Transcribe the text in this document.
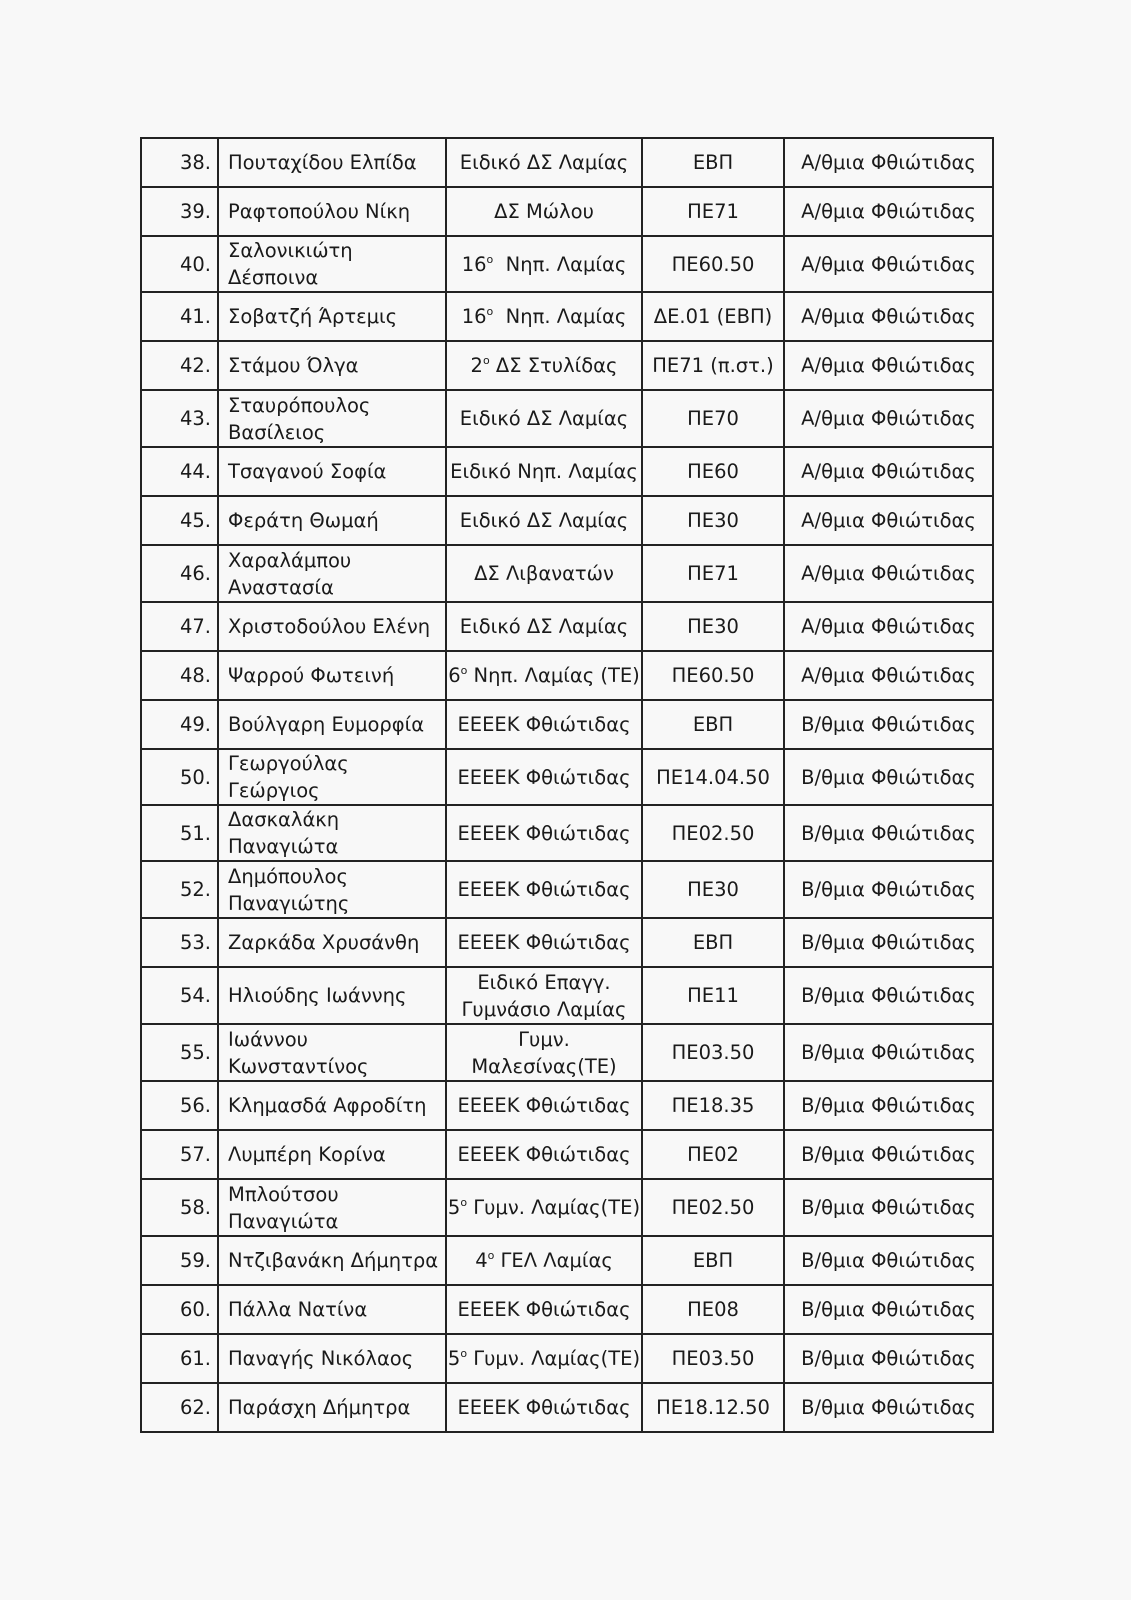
38.	Πουταχίδου Ελπίδα	Ειδικό ΔΣ Λαμίας	ΕΒΠ	Α/θμια Φθιώτιδας
39.	Ραφτοπούλου Νίκη	ΔΣ Μώλου	ΠΕ71	Α/θμια Φθιώτιδας
40.	Σαλονικιώτη Δέσποινα	$16^o$  Νηπ. Λαμίας	ΠΕ60.50	Α/θμια Φθιώτιδας
41.	Σοβατζή Άρτεμις	$16^o$  Νηπ. Λαμίας	ΔΕ.01 (ΕΒΠ)	Α/θμια Φθιώτιδας
42.	Στάμου Όλγα	$2^o$ ΔΣ Στυλίδας	ΠΕ71 (π.στ.)	Α/θμια Φθιώτιδας
43.	Σταυρόπουλος Βασίλειος	Ειδικό ΔΣ Λαμίας	ΠΕ70	Α/θμια Φθιώτιδας
44.	Τσαγανού Σοφία	Ειδικό Νηπ. Λαμίας	ΠΕ60	Α/θμια Φθιώτιδας
45.	Φεράτη Θωμαή	Ειδικό ΔΣ Λαμίας	ΠΕ30	Α/θμια Φθιώτιδας
46.	Χαραλάμπου Αναστασία	ΔΣ Λιβανατών	ΠΕ71	Α/θμια Φθιώτιδας
47.	Χριστοδούλου Ελένη	Ειδικό ΔΣ Λαμίας	ΠΕ30	Α/θμια Φθιώτιδας
48.	Ψαρρού Φωτεινή	$6^o$ Νηπ. Λαμίας (ΤΕ)	ΠΕ60.50	Α/θμια Φθιώτιδας
49.	Βούλγαρη Ευμορφία	ΕΕΕΕΚ Φθιώτιδας	ΕΒΠ	Β/θμια Φθιώτιδας
50.	Γεωργούλας Γεώργιος	ΕΕΕΕΚ Φθιώτιδας	ΠΕ14.04.50	Β/θμια Φθιώτιδας
51.	Δασκαλάκη Παναγιώτα	ΕΕΕΕΚ Φθιώτιδας	ΠΕ02.50	Β/θμια Φθιώτιδας
52.	Δημόπουλος Παναγιώτης	ΕΕΕΕΚ Φθιώτιδας	ΠΕ30	Β/θμια Φθιώτιδας
53.	Ζαρκάδα Χρυσάνθη	ΕΕΕΕΚ Φθιώτιδας	ΕΒΠ	Β/θμια Φθιώτιδας
54.	Ηλιούδης Ιωάννης	Ειδικό Επαγγ. Γυμνάσιο Λαμίας	ΠΕ11	Β/θμια Φθιώτιδας
55.	Ιωάννου Κωνσταντίνος	Γυμν. Μαλεσίνας(ΤΕ)	ΠΕ03.50	Β/θμια Φθιώτιδας
56.	Κλημασδά Αφροδίτη	ΕΕΕΕΚ Φθιώτιδας	ΠΕ18.35	Β/θμια Φθιώτιδας
57.	Λυμπέρη Κορίνα	ΕΕΕΕΚ Φθιώτιδας	ΠΕ02	Β/θμια Φθιώτιδας
58.	Μπλούτσου Παναγιώτα	$5^o$ Γυμν. Λαμίας(ΤΕ)	ΠΕ02.50	Β/θμια Φθιώτιδας
59.	Ντζιβανάκη Δήμητρα	$4^o$ ΓΕΛ Λαμίας	ΕΒΠ	Β/θμια Φθιώτιδας
60.	Πάλλα Νατίνα	ΕΕΕΕΚ Φθιώτιδας	ΠΕ08	Β/θμια Φθιώτιδας
61.	Παναγής Νικόλαος	$5^o$ Γυμν. Λαμίας(ΤΕ)	ΠΕ03.50	Β/θμια Φθιώτιδας
62.	Παράσχη Δήμητρα	ΕΕΕΕΚ Φθιώτιδας	ΠΕ18.12.50	Β/θμια Φθιώτιδας
